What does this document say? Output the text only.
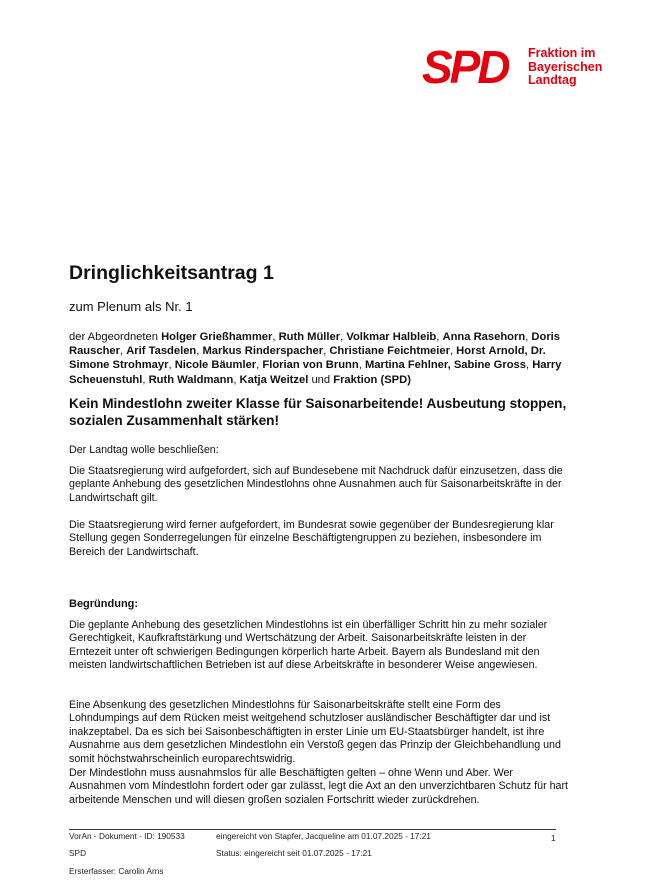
SPD Fraktion im
Bayerischen
Landtag
Dringlichkeitsantrag 1
zum Plenum als Nr. 1
der Abgeordneten Holger Grießhammer, Ruth Müller, Volkmar Halbleib, Anna Rasehorn, Doris Rauscher, Arif Tasdelen, Markus Rinderspacher, Christiane Feichtmeier, Horst Arnold, Dr. Simone Strohmayr, Nicole Bäumler, Florian von Brunn, Martina Fehlner, Sabine Gross, Harry Scheuenstuhl, Ruth Waldmann, Katja Weitzel und Fraktion (SPD)
Kein Mindestlohn zweiter Klasse für Saisonarbeitende! Ausbeutung stoppen, sozialen Zusammenhalt stärken!
Der Landtag wolle beschließen:
Die Staatsregierung wird aufgefordert, sich auf Bundesebene mit Nachdruck dafür einzusetzen, dass die geplante Anhebung des gesetzlichen Mindestlohns ohne Ausnahmen auch für Saisonarbeitskräfte in der Landwirtschaft gilt.
Die Staatsregierung wird ferner aufgefordert, im Bundesrat sowie gegenüber der Bundesregierung klar Stellung gegen Sonderregelungen für einzelne Beschäftigtengruppen zu beziehen, insbesondere im Bereich der Landwirtschaft.
Begründung:
Die geplante Anhebung des gesetzlichen Mindestlohns ist ein überfälliger Schritt hin zu mehr sozialer Gerechtigkeit, Kaufkraftstärkung und Wertschätzung der Arbeit. Saisonarbeitskräfte leisten in der Erntezeit unter oft schwierigen Bedingungen körperlich harte Arbeit. Bayern als Bundesland mit den meisten landwirtschaftlichen Betrieben ist auf diese Arbeitskräfte in besonderer Weise angewiesen.
Eine Absenkung des gesetzlichen Mindestlohns für Saisonarbeitskräfte stellt eine Form des Lohndumpings auf dem Rücken meist weitgehend schutzloser ausländischer Beschäftigter dar und ist inakzeptabel. Da es sich bei Saisonbeschäftigten in erster Linie um EU-Staatsbürger handelt, ist ihre Ausnahme aus dem gesetzlichen Mindestlohn ein Verstoß gegen das Prinzip der Gleichbehandlung und somit höchstwahrscheinlich europarechtswidrig.
Der Mindestlohn muss ausnahmslos für alle Beschäftigten gelten – ohne Wenn und Aber. Wer Ausnahmen vom Mindestlohn fordert oder gar zulässt, legt die Axt an den unverzichtbaren Schutz für hart arbeitende Menschen und will diesen großen sozialen Fortschritt wieder zurückdrehen.
VorAn - Dokument - ID: 190533	eingereicht von Stapfer, Jacqueline am 01.07.2025 - 17:21	1
SPD	Status: eingereicht seit 01.07.2025 - 17:21
Ersterfasser: Carolin Arns
